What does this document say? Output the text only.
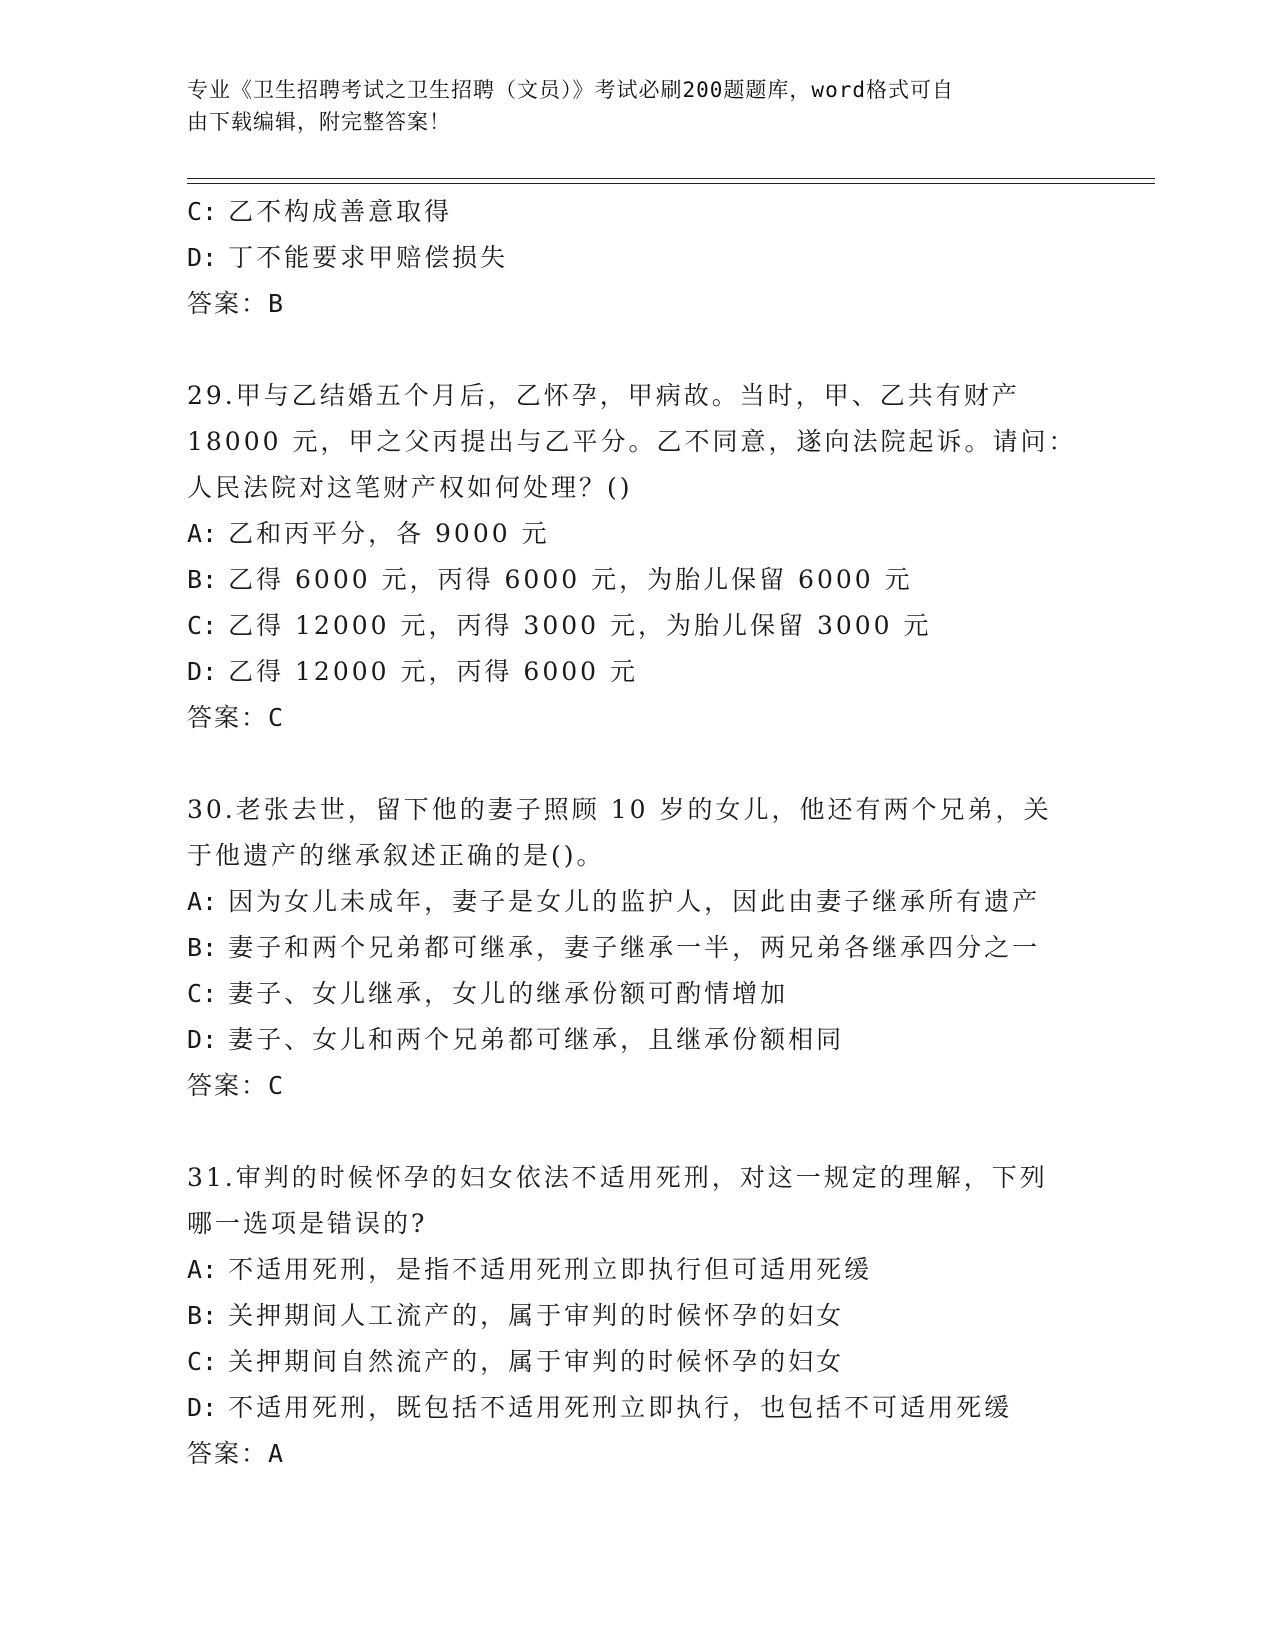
专业《卫生招聘考试之卫生招聘（文员）》考试必刷200题题库，word格式可自
由下载编辑，附完整答案！
C: 乙不构成善意取得
D: 丁不能要求甲赔偿损失
答案：B
29.甲与乙结婚五个月后，乙怀孕，甲病故。当时，甲、乙共有财产
18000 元，甲之父丙提出与乙平分。乙不同意，遂向法院起诉。请问：
人民法院对这笔财产权如何处理？()
A: 乙和丙平分，各 9000 元
B: 乙得 6000 元，丙得 6000 元，为胎儿保留 6000 元
C: 乙得 12000 元，丙得 3000 元，为胎儿保留 3000 元
D: 乙得 12000 元，丙得 6000 元
答案：C
30.老张去世，留下他的妻子照顾 10 岁的女儿，他还有两个兄弟，关
于他遗产的继承叙述正确的是()。
A: 因为女儿未成年，妻子是女儿的监护人，因此由妻子继承所有遗产
B: 妻子和两个兄弟都可继承，妻子继承一半，两兄弟各继承四分之一
C: 妻子、女儿继承，女儿的继承份额可酌情增加
D: 妻子、女儿和两个兄弟都可继承，且继承份额相同
答案：C
31.审判的时候怀孕的妇女依法不适用死刑，对这一规定的理解，下列
哪一选项是错误的?
A: 不适用死刑，是指不适用死刑立即执行但可适用死缓
B: 关押期间人工流产的，属于审判的时候怀孕的妇女
C: 关押期间自然流产的，属于审判的时候怀孕的妇女
D: 不适用死刑，既包括不适用死刑立即执行，也包括不可适用死缓
答案：A
